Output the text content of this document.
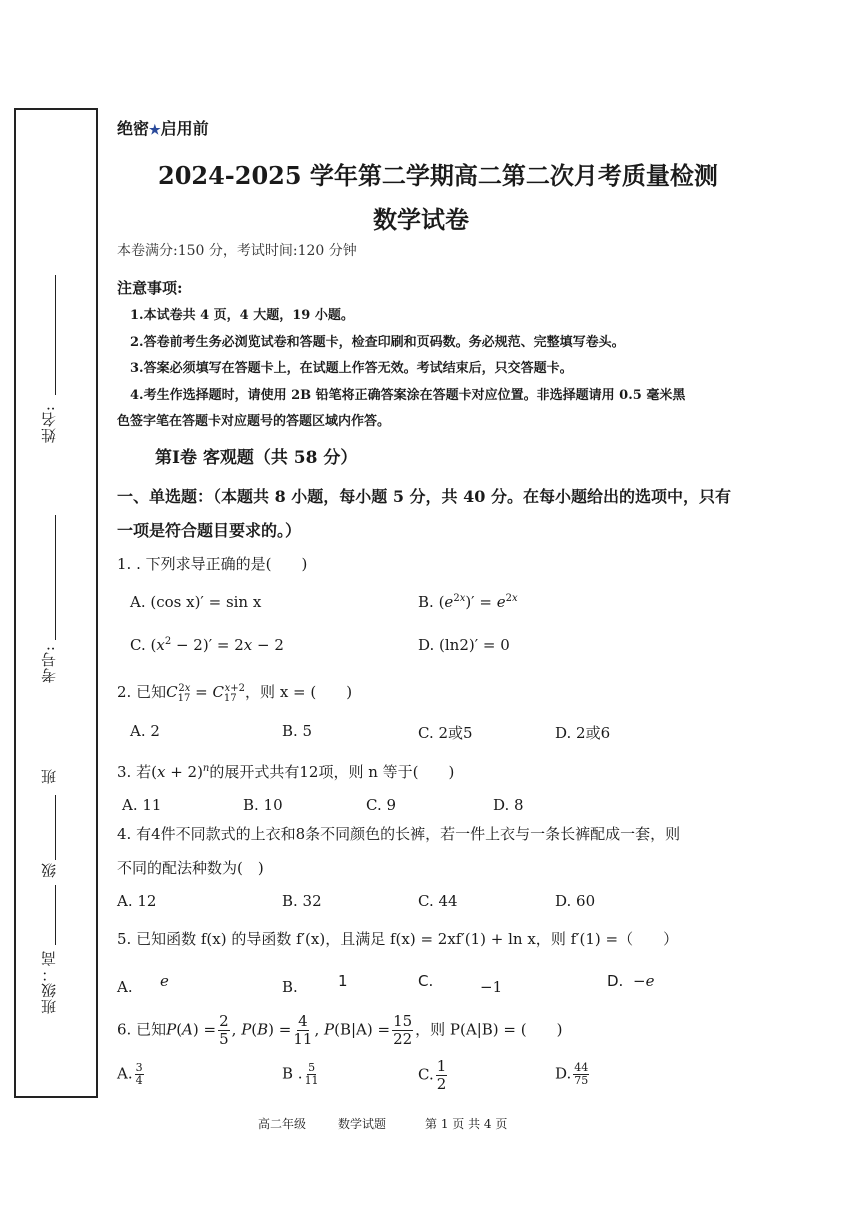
姓名:
考号:
班
级
班级：高
绝密★启用前
2024-2025 学年第二学期高二第二次月考质量检测
数学试卷
本卷满分:150 分，考试时间:120 分钟
注意事项:
1.本试卷共 4 页，4 大题，19 小题。
2.答卷前考生务必浏览试卷和答题卡，检查印刷和页码数。务必规范、完整填写卷头。
3.答案必须填写在答题卡上，在试题上作答无效。考试结束后，只交答题卡。
4.考生作选择题时，请使用 2B 铅笔将正确答案涂在答题卡对应位置。非选择题请用 0.5 毫米黑
色签字笔在答题卡对应题号的答题区域内作答。
第Ⅰ卷 客观题（共 58 分）
一、单选题：（本题共 8 小题，每小题 5 分，共 40 分。在每小题给出的选项中，只有
一项是符合题目要求的。）
1. . 下列求导正确的是(　　)
A. (cos x)′ = sin x	B. $(e^{2x})' = e^{2x}$
C. $(x^2 - 2)' = 2x - 2$	D. (ln2)′ = 0
2. 已知$C_{17}^{2x} = C_{17}^{x+2}$，则 x = (　　)
A. 2	B. 5	C. 2或5	D. 2或6
3. 若$(x + 2)^n$的展开式共有12项，则 n 等于(　　)
A. 11	B. 10	C. 9	D. 8
4. 有4件不同款式的上衣和8条不同颜色的长裤，若一件上衣与一条长裤配成一套，则
不同的配法种数为(　)
A. 12	B. 32	C. 44	D. 60
5. 已知函数 f(x) 的导函数 f′(x)，且满足 f(x) = 2xf′(1) + ln x，则 f′(1) =（　　）
A. e	B.	1	C.	−1	D. −e
6. 已知$P(A) = \frac{2}{5}$ , $P(B) = \frac{4}{11}$ , $P(B|A) = \frac{15}{22}$ ，则 P(A|B) = (　　)
A. $\frac{3}{4}$	B . $\frac{5}{11}$	C. $\frac{1}{2}$	D. $\frac{44}{75}$
高二年级	数学试题	第 1 页 共 4 页
